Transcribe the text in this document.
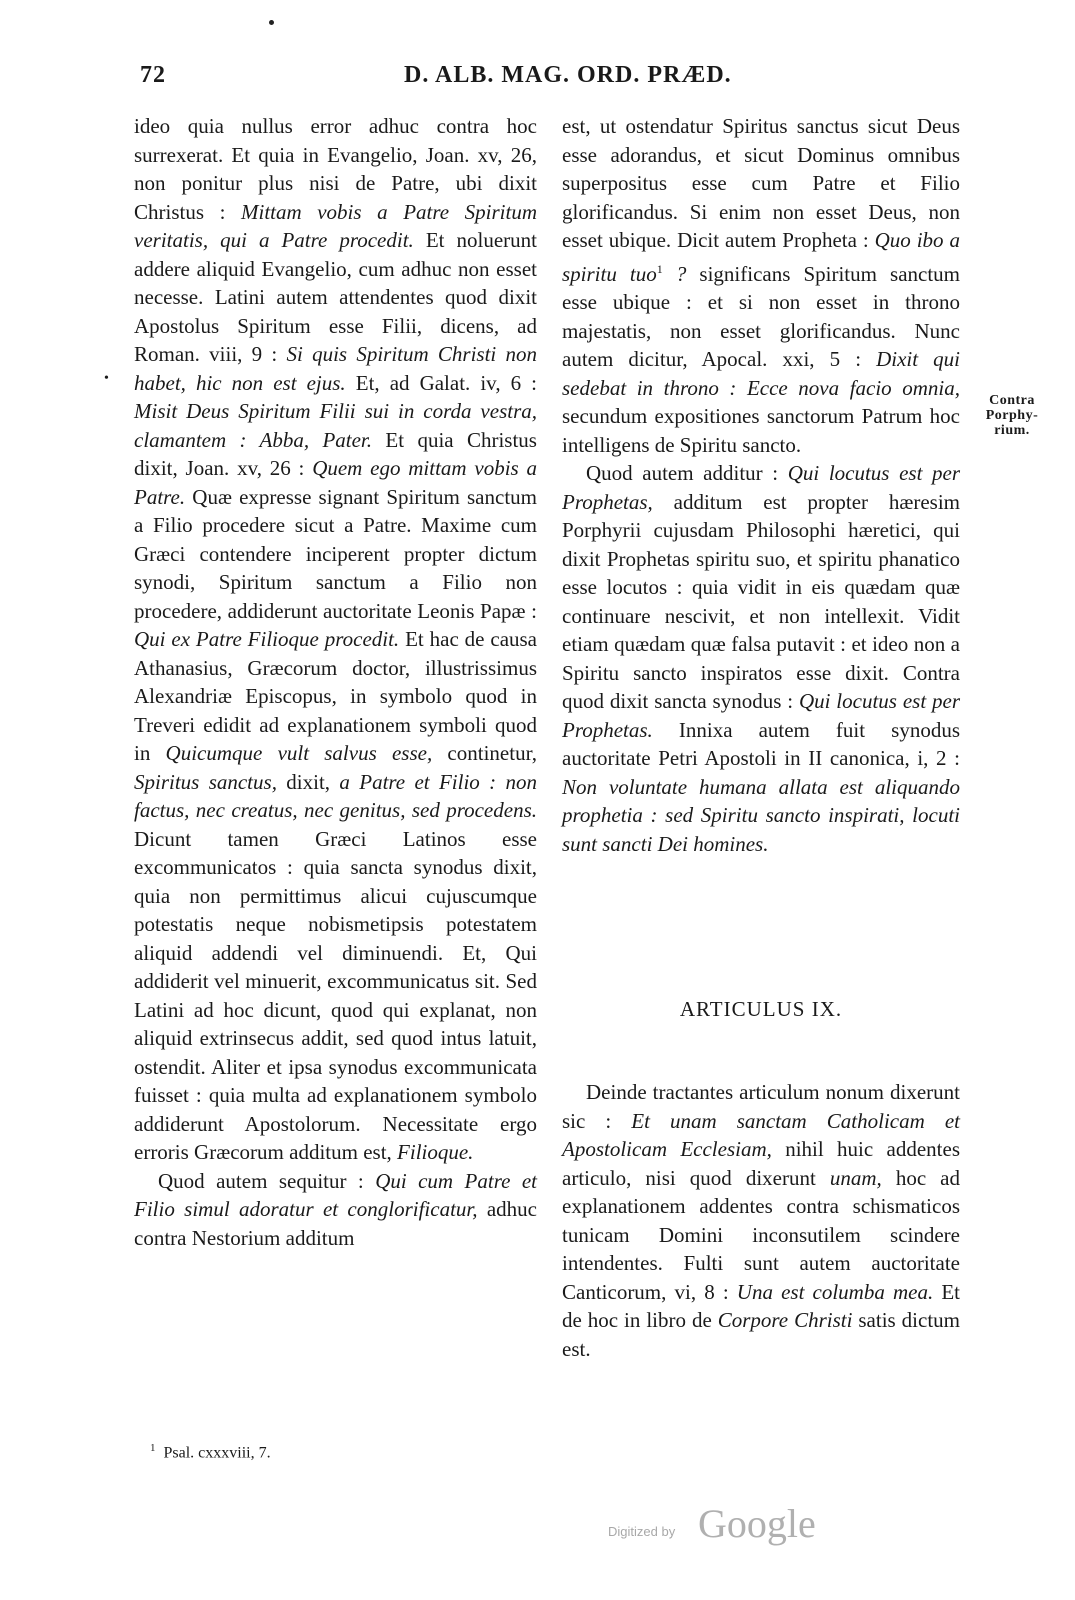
72	D. ALB. MAG. ORD. PRÆD.
•

ideo quia nullus error adhuc contra hoc surrexerat. Et quia in Evangelio, Joan. xv, 26, non ponitur plus nisi de Patre, ubi dixit Christus : Mittam vobis a Patre Spiritum veritatis, qui a Patre procedit. Et noluerunt addere aliquid Evangelio, cum adhuc non esset necesse. Latini autem attendentes quod dixit Apostolus Spiritum esse Filii, dicens, ad Roman. viii, 9 : Si quis Spiritum Christi non habet, hic non est ejus. Et, ad Galat. iv, 6 : Misit Deus Spiritum Filii sui in corda vestra, clamantem : Abba, Pater. Et quia Christus dixit, Joan. xv, 26 : Quem ego mittam vobis a Patre. Quæ expresse signant Spiritum sanctum a Filio procedere sicut a Patre. Maxime cum Græci contendere inciperent propter dictum synodi, Spiritum sanctum a Filio non procedere, addiderunt auctoritate Leonis Papæ : Qui ex Patre Filioque procedit. Et hac de causa Athanasius, Græcorum doctor, illustrissimus Alexandriæ Episcopus, in symbolo quod in Treveri edidit ad explanationem symboli quod in Quicumque vult salvus esse, continetur, Spiritus sanctus, dixit, a Patre et Filio : non factus, nec creatus, nec genitus, sed procedens. Dicunt tamen Græci Latinos esse excommunicatos : quia sancta synodus dixit, quia non permittimus alicui cujuscumque potestatis neque nobismetipsis potestatem aliquid addendi vel diminuendi. Et, Qui addiderit vel minuerit, excommunicatus sit. Sed Latini ad hoc dicunt, quod qui explanat, non aliquid extrinsecus addit, sed quod intus latuit, ostendit. Aliter et ipsa synodus excommunicata fuisset : quia multa ad explanationem symbolo addiderunt Apostolorum. Necessitate ergo erroris Græcorum additum est, Filioque.

Quod autem sequitur : Qui cum Patre et Filio simul adoratur et conglorificatur, adhuc contra Nestorium additum

est, ut ostendatur Spiritus sanctus sicut Deus esse adorandus, et sicut Dominus omnibus superpositus esse cum Patre et Filio glorificandus. Si enim non esset Deus, non esset ubique. Dicit autem Propheta : Quo ibo a spiritu tuo$^1$ ? significans Spiritum sanctum esse ubique : et si non esset in throno majestatis, non esset glorificandus. Nunc autem dicitur, Apocal. xxi, 5 : Dixit qui sedebat in throno : Ecce nova facio omnia, secundum expositiones sanctorum Patrum hoc intelligens de Spiritu sancto.

Quod autem additur : Qui locutus est per Prophetas, additum est propter hæresim Porphyrii cujusdam Philosophi hæretici, qui dixit Prophetas spiritu suo, et spiritu phanatico esse locutos : quia vidit in eis quædam quæ continuare nescivit, et non intellexit. Vidit etiam quædam quæ falsa putavit : et ideo non a Spiritu sancto inspiratos esse dixit. Contra quod dixit sancta synodus : Qui locutus est per Prophetas. Innixa autem fuit synodus auctoritate Petri Apostoli in II canonica, i, 2 : Non voluntate humana allata est aliquando prophetia : sed Spiritu sancto inspirati, locuti sunt sancti Dei homines.

Contra
Porphy-
rium.
ARTICULUS IX.

Deinde tractantes articulum nonum dixerunt sic : Et unam sanctam Catholicam et Apostolicam Ecclesiam, nihil huic addentes articulo, nisi quod dixerunt unam, hoc ad explanationem addentes contra schismaticos tunicam Domini inconsutilem scindere intendentes. Fulti sunt autem auctoritate Canticorum, vi, 8 : Una est columba mea. Et de hoc in libro de Corpore Christi satis dictum est.

$^1$ Psal. cxxxviii, 7.
Digitized by Google
